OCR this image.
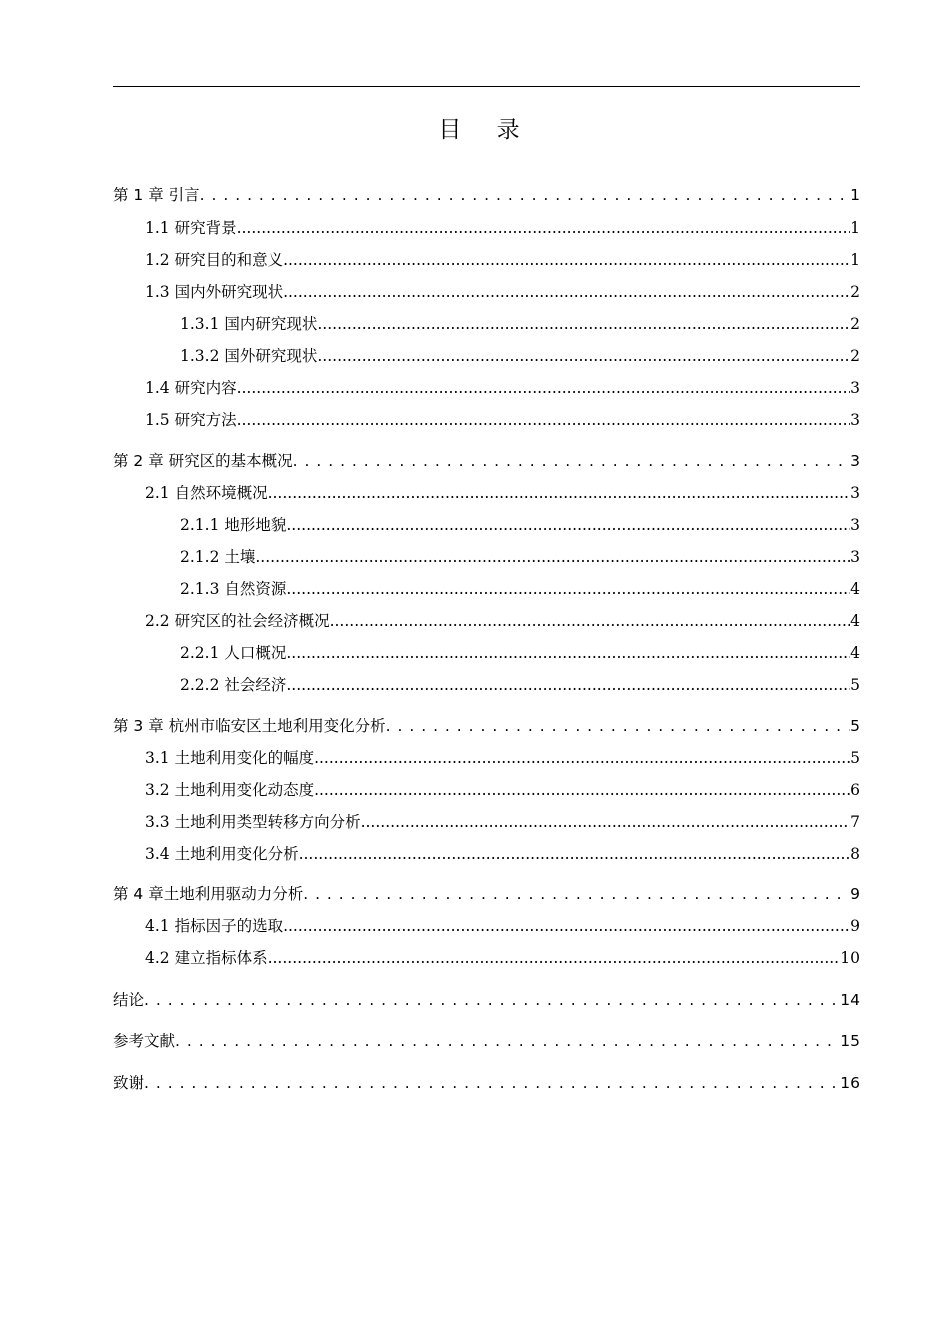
目 录
第 1 章 引言 . . .	1
1.1 研究背景 .....	1
1.2 研究目的和意义 .....	1
1.3 国内外研究现状 .....	2
1.3.1 国内研究现状 .....	2
1.3.2 国外研究现状 .....	2
1.4 研究内容 .....	3
1.5 研究方法 .....	3
第 2 章 研究区的基本概况 . . .	3
2.1 自然环境概况 .....	3
2.1.1 地形地貌 .....	3
2.1.2 土壤 .....	3
2.1.3 自然资源 .....	4
2.2 研究区的社会经济概况 .....	4
2.2.1 人口概况 .....	4
2.2.2 社会经济 .....	5
第 3 章 杭州市临安区土地利用变化分析 . . .	5
3.1 土地利用变化的幅度 .....	5
3.2 土地利用变化动态度 .....	6
3.3 土地利用类型转移方向分析 .....	7
3.4 土地利用变化分析 .....	8
第 4 章土地利用驱动力分析 . . .	9
4.1 指标因子的选取 .....	9
4.2 建立指标体系 .....	10
结论 . . .	14
参考文献 . . .	15
致谢 . . .	16
